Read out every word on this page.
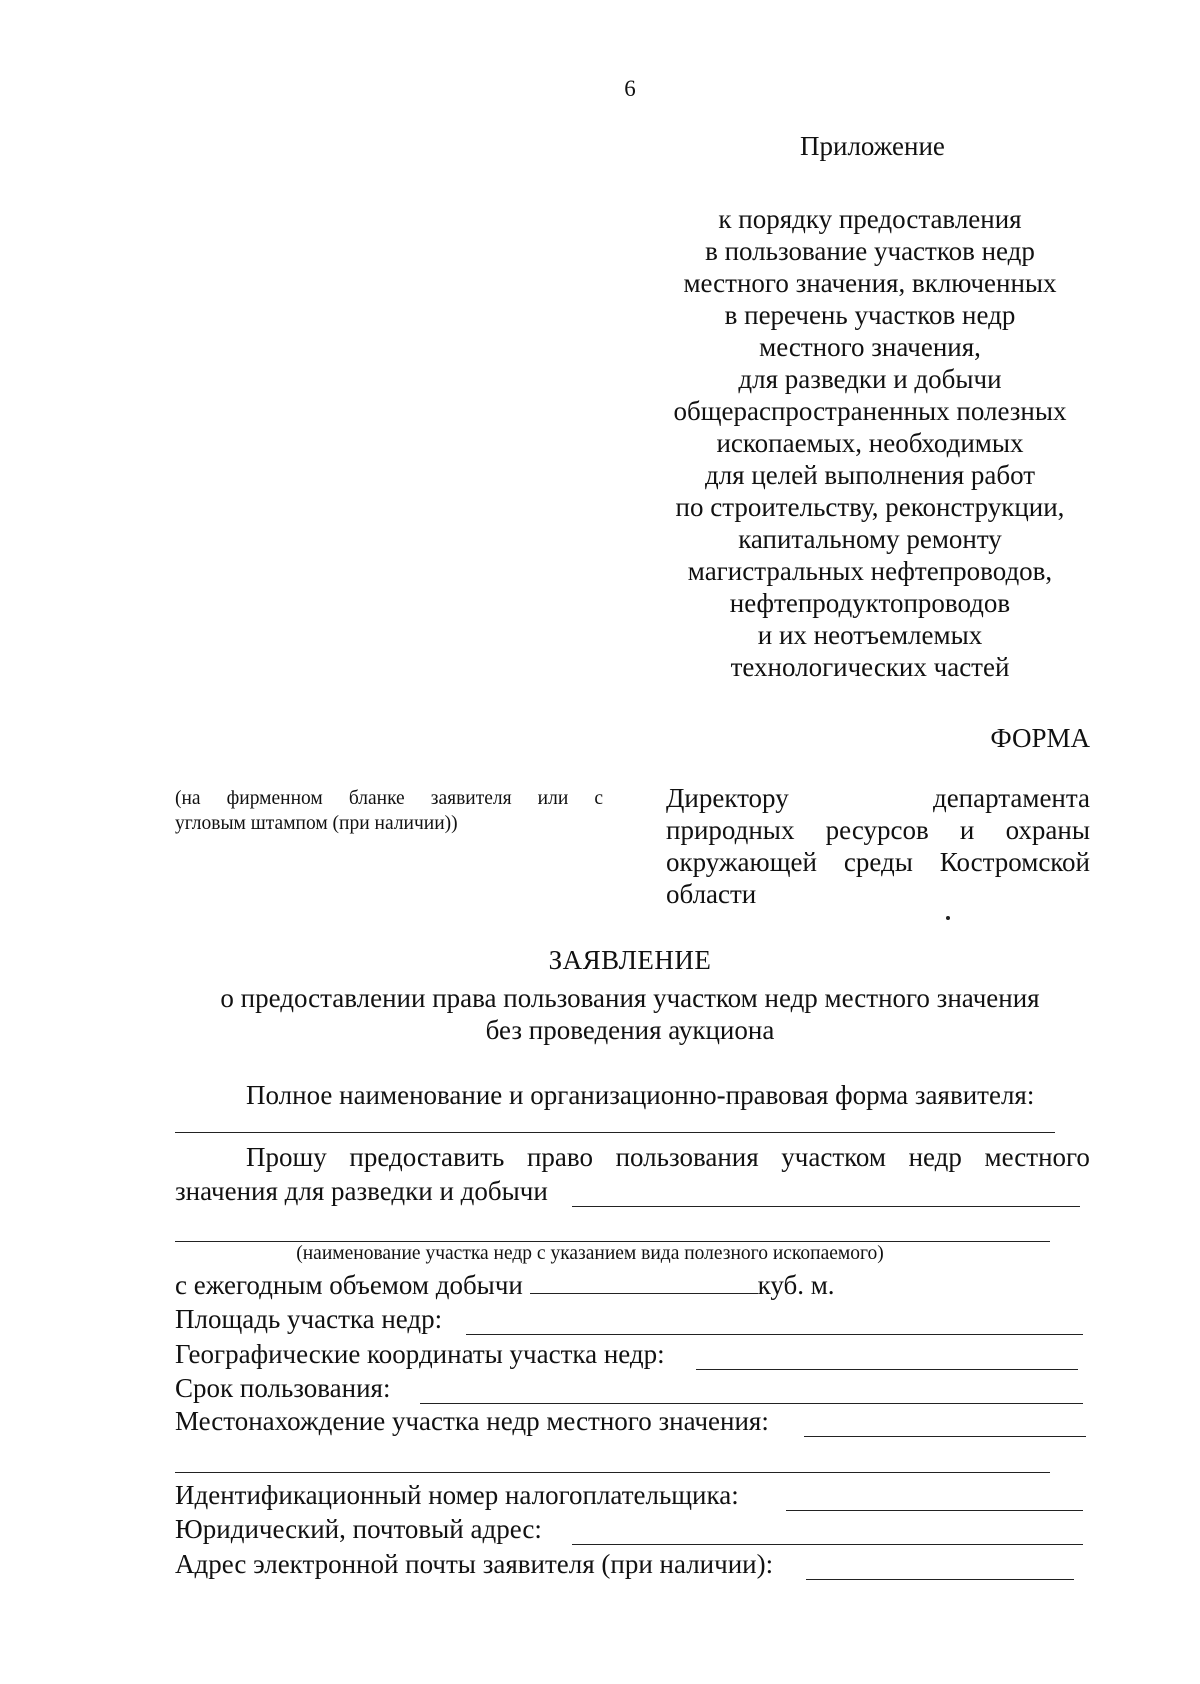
6
Приложение
к порядку предоставления
в пользование участков недр
местного значения, включенных
в перечень участков недр
местного значения,
для разведки и добычи
общераспространенных полезных
ископаемых, необходимых
для целей выполнения работ
по строительству, реконструкции,
капитальному ремонту
магистральных нефтепроводов,
нефтепродуктопроводов
и их неотъемлемых
технологических частей
ФОРМА
(на фирменном бланке заявителя или с
угловым штампом (при наличии))
Директору	департамента
природных ресурсов и охраны
окружающей среды Костромской
области
ЗАЯВЛЕНИЕ
о предоставлении права пользования участком недр местного значения
без проведения аукциона
Полное наименование и организационно-правовая форма заявителя:
Прошу предоставить право пользования участком недр местного
значения для разведки и добычи
(наименование участка недр с указанием вида полезного ископаемого)
с ежегодным объемом добычи	куб. м.
Площадь участка недр:
Географические координаты участка недр:
Срок пользования:
Местонахождение участка недр местного значения:
Идентификационный номер налогоплательщика:
Юридический, почтовый адрес:
Адрес электронной почты заявителя (при наличии):
